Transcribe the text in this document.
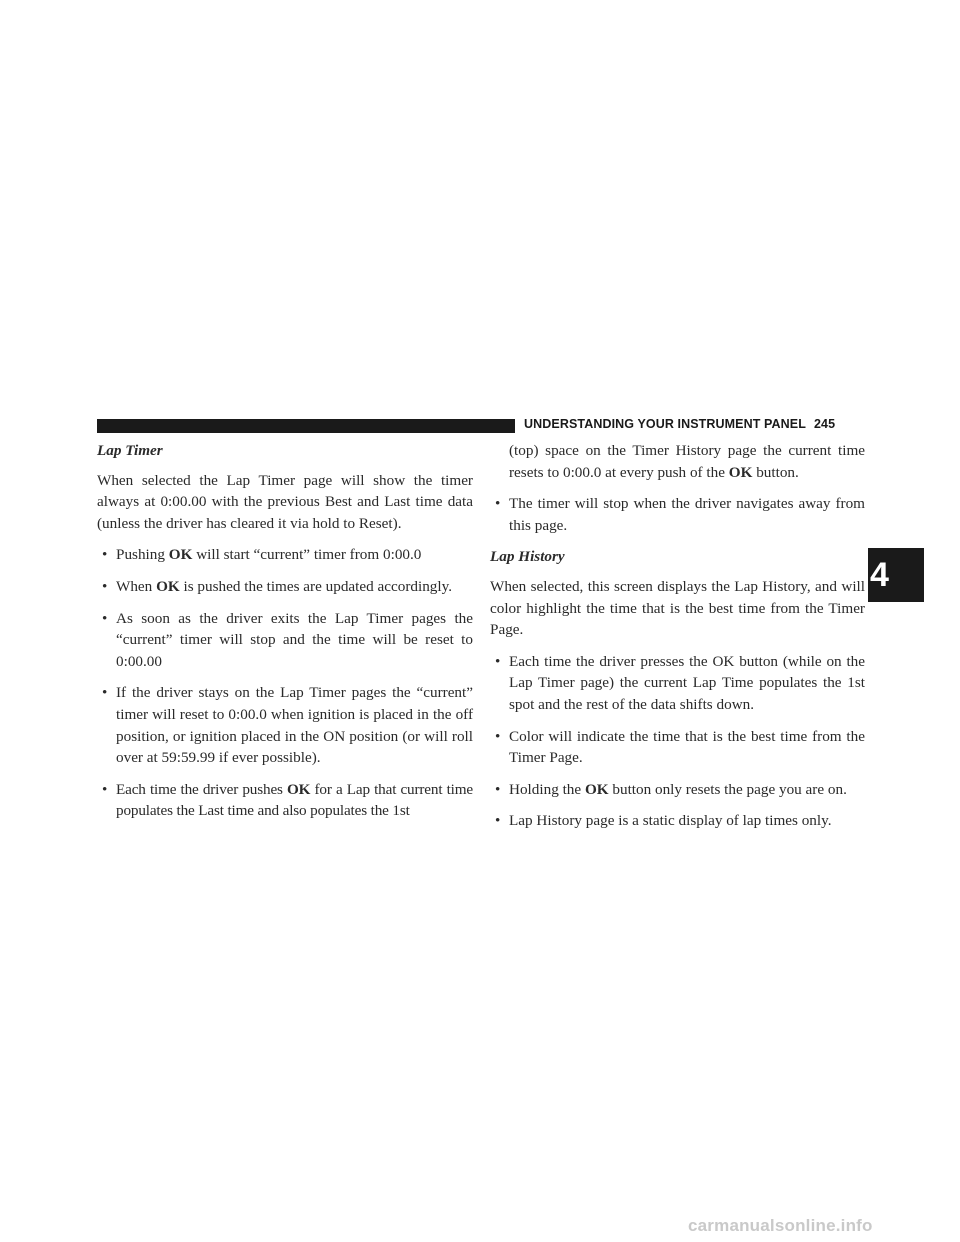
UNDERSTANDING YOUR INSTRUMENT PANEL 245
4

Lap Timer

When selected the Lap Timer page will show the timer always at 0:00.00 with the previous Best and Last time data (unless the driver has cleared it via hold to Reset).

• Pushing OK will start “current” timer from 0:00.0
• When OK is pushed the times are updated accordingly.
• As soon as the driver exits the Lap Timer pages the “current” timer will stop and the time will be reset to 0:00.00
• If the driver stays on the Lap Timer pages the “current” timer will reset to 0:00.0 when ignition is placed in the off position, or ignition placed in the ON position (or will roll over at 59:59.99 if ever possible).
• Each time the driver pushes OK for a Lap that current time populates the Last time and also populates the 1st

(top) space on the Timer History page the current time resets to 0:00.0 at every push of the OK button.

• The timer will stop when the driver navigates away from this page.

Lap History

When selected, this screen displays the Lap History, and will color highlight the time that is the best time from the Timer Page.

• Each time the driver presses the OK button (while on the Lap Timer page) the current Lap Time populates the 1st spot and the rest of the data shifts down.
• Color will indicate the time that is the best time from the Timer Page.
• Holding the OK button only resets the page you are on.
• Lap History page is a static display of lap times only.
carmanualsonline.info
